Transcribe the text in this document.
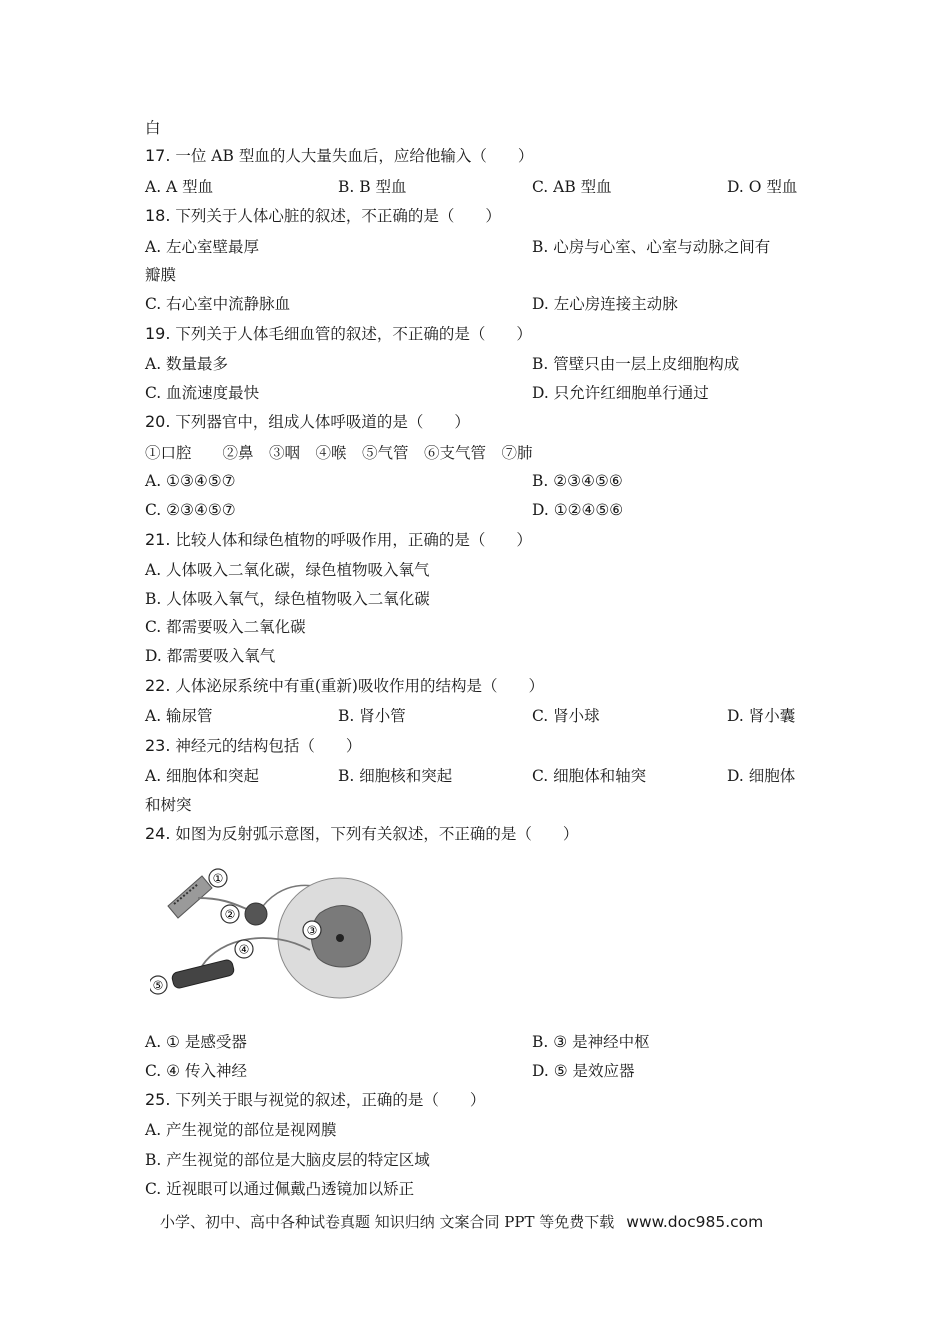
白
17. 一位 AB 型血的人大量失血后，应给他输入（　　）
A. A 型血	B. B 型血	C. AB 型血	D. O 型血
18. 下列关于人体心脏的叙述，不正确的是（　　）
A. 左心室壁最厚	B. 心房与心室、心室与动脉之间有
瓣膜
C. 右心室中流静脉血	D. 左心房连接主动脉
19. 下列关于人体毛细血管的叙述，不正确的是（　　）
A. 数量最多	B. 管壁只由一层上皮细胞构成
C. 血流速度最快	D. 只允许红细胞单行通过
20. 下列器官中，组成人体呼吸道的是（　　）
①口腔　　②鼻　③咽　④喉　⑤气管　⑥支气管　⑦肺
A. ①③④⑤⑦	B. ②③④⑤⑥
C. ②③④⑤⑦	D. ①②④⑤⑥
21. 比较人体和绿色植物的呼吸作用，正确的是（　　）
A. 人体吸入二氧化碳，绿色植物吸入氧气
B. 人体吸入氧气，绿色植物吸入二氧化碳
C. 都需要吸入二氧化碳
D. 都需要吸入氧气
22. 人体泌尿系统中有重(重新)吸收作用的结构是（　　）
A. 输尿管	B. 肾小管	C. 肾小球	D. 肾小囊
23. 神经元的结构包括（　　）
A. 细胞体和突起	B. 细胞核和突起	C. 细胞体和轴突	D. 细胞体
和树突
24. 如图为反射弧示意图，下列有关叙述，不正确的是（　　）
①
②
③
④
⑤
A. ① 是感受器	B. ③ 是神经中枢
C. ④ 传入神经	D. ⑤ 是效应器
25. 下列关于眼与视觉的叙述，正确的是（　　）
A. 产生视觉的部位是视网膜
B. 产生视觉的部位是大脑皮层的特定区域
C. 近视眼可以通过佩戴凸透镜加以矫正
小学、初中、高中各种试卷真题 知识归纳 文案合同 PPT 等免费下载 www.doc985.com
